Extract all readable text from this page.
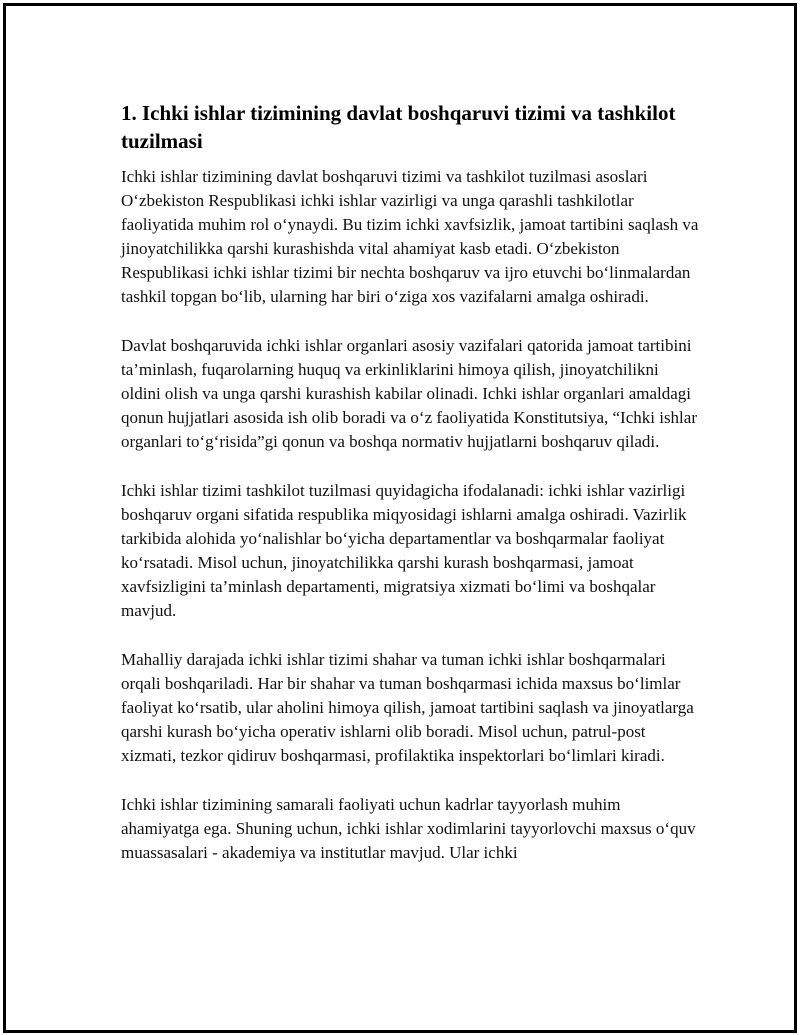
1. Ichki ishlar tizimining davlat boshqaruvi tizimi va tashkilot tuzilmasi

Ichki ishlar tizimining davlat boshqaruvi tizimi va tashkilot tuzilmasi asoslari O‘zbekiston Respublikasi ichki ishlar vazirligi va unga qarashli tashkilotlar faoliyatida muhim rol o‘ynaydi. Bu tizim ichki xavfsizlik, jamoat tartibini saqlash va jinoyatchilikka qarshi kurashishda vital ahamiyat kasb etadi. O‘zbekiston Respublikasi ichki ishlar tizimi bir nechta boshqaruv va ijro etuvchi bo‘linmalardan tashkil topgan bo‘lib, ularning har biri o‘ziga xos vazifalarni amalga oshiradi.

Davlat boshqaruvida ichki ishlar organlari asosiy vazifalari qatorida jamoat tartibini ta’minlash, fuqarolarning huquq va erkinliklarini himoya qilish, jinoyatchilikni oldini olish va unga qarshi kurashish kabilar olinadi. Ichki ishlar organlari amaldagi qonun hujjatlari asosida ish olib boradi va o‘z faoliyatida Konstitutsiya, “Ichki ishlar organlari to‘g‘risida”gi qonun va boshqa normativ hujjatlarni boshqaruv qiladi.

Ichki ishlar tizimi tashkilot tuzilmasi quyidagicha ifodalanadi: ichki ishlar vazirligi boshqaruv organi sifatida respublika miqyosidagi ishlarni amalga oshiradi. Vazirlik tarkibida alohida yo‘nalishlar bo‘yicha departamentlar va boshqarmalar faoliyat ko‘rsatadi. Misol uchun, jinoyatchilikka qarshi kurash boshqarmasi, jamoat xavfsizligini ta’minlash departamenti, migratsiya xizmati bo‘limi va boshqalar mavjud.

Mahalliy darajada ichki ishlar tizimi shahar va tuman ichki ishlar boshqarmalari orqali boshqariladi. Har bir shahar va tuman boshqarmasi ichida maxsus bo‘limlar faoliyat ko‘rsatib, ular aholini himoya qilish, jamoat tartibini saqlash va jinoyatlarga qarshi kurash bo‘yicha operativ ishlarni olib boradi. Misol uchun, patrul-post xizmati, tezkor qidiruv boshqarmasi, profilaktika inspektorlari bo‘limlari kiradi.

Ichki ishlar tizimining samarali faoliyati uchun kadrlar tayyorlash muhim ahamiyatga ega. Shuning uchun, ichki ishlar xodimlarini tayyorlovchi maxsus o‘quv muassasalari - akademiya va institutlar mavjud. Ular ichki
